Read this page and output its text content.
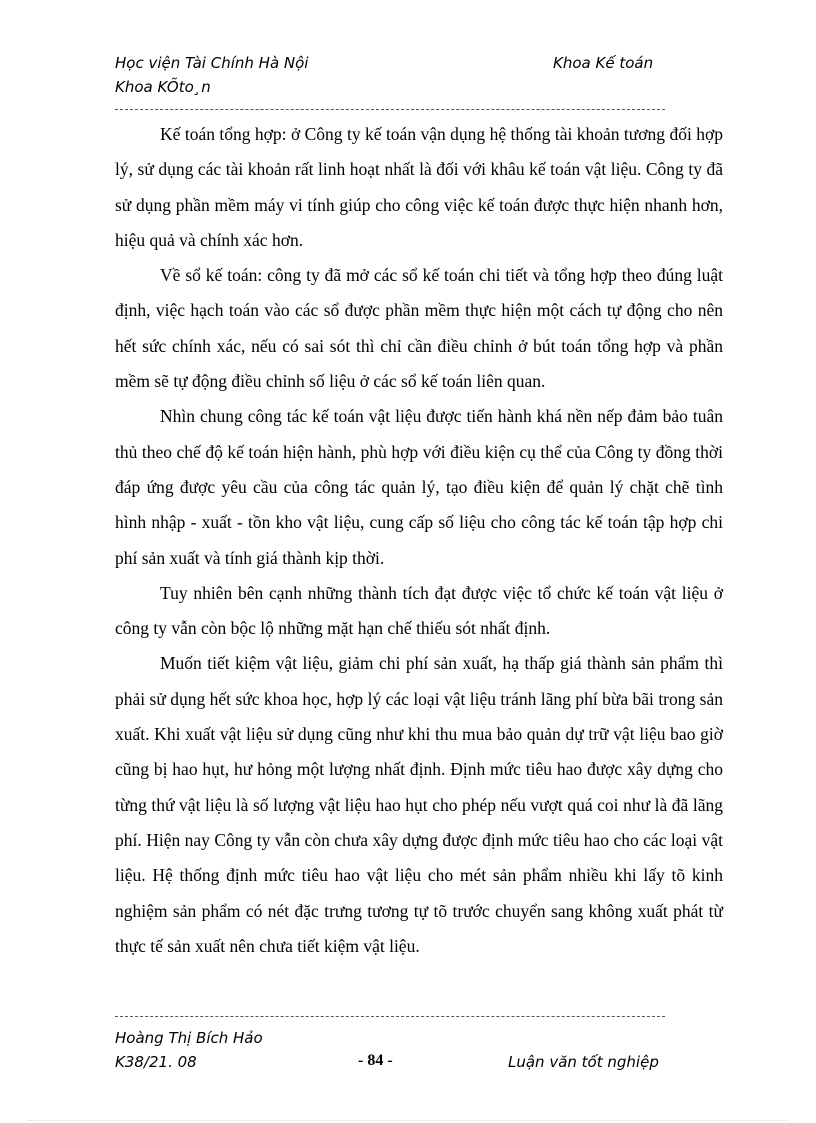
Học viện Tài Chính Hà Nội	Khoa Kế toán
Khoa KÕto¸n

Kế toán tổng hợp: ở Công ty kế toán vận dụng hệ thống tài khoản tương đối hợp lý, sử dụng các tài khoản rất linh hoạt nhất là đối với khâu kế toán vật liệu. Công ty đã sử dụng phần mềm máy vi tính giúp cho công việc kế toán được thực hiện nhanh hơn, hiệu quả và chính xác hơn.

Về sổ kế toán: công ty đã mở các sổ kế toán chi tiết và tổng hợp theo đúng luật định, việc hạch toán vào các sổ được phần mềm thực hiện một cách tự động cho nên hết sức chính xác, nếu có sai sót thì chỉ cần điều chỉnh ở bút toán tổng hợp và phần mềm sẽ tự động điều chỉnh số liệu ở các sổ kế toán liên quan.

Nhìn chung công tác kế toán vật liệu được tiến hành khá nền nếp đảm bảo tuân thủ theo chế độ kế toán hiện hành, phù hợp với điều kiện cụ thể của Công ty đồng thời đáp ứng được yêu cầu của công tác quản lý, tạo điều kiện để quản lý chặt chẽ tình hình nhập - xuất - tồn kho vật liệu, cung cấp số liệu cho công tác kế toán tập hợp chi phí sản xuất và tính giá thành kịp thời.

Tuy nhiên bên cạnh những thành tích đạt được việc tổ chức kế toán vật liệu ở công ty vẫn còn bộc lộ những mặt hạn chế thiếu sót nhất định.

Muốn tiết kiệm vật liệu, giảm chi phí sản xuất, hạ thấp giá thành sản phẩm thì phải sử dụng hết sức khoa học, hợp lý các loại vật liệu tránh lãng phí bừa bãi trong sản xuất. Khi xuất vật liệu sử dụng cũng như khi thu mua bảo quản dự trữ vật liệu bao giờ cũng bị hao hụt, hư hỏng một lượng nhất định. Định mức tiêu hao được xây dựng cho từng thứ vật liệu là số lượng vật liệu hao hụt cho phép nếu vượt quá coi như là đã lãng phí. Hiện nay Công ty vẫn còn chưa xây dựng được định mức tiêu hao cho các loại vật liệu. Hệ thống định mức tiêu hao vật liệu cho mét sản phẩm nhiều khi lấy tõ kinh nghiệm sản phẩm có nét đặc trưng tương tự tõ trước chuyển sang không xuất phát từ thực tế sản xuất nên chưa tiết kiệm vật liệu.

Hoàng Thị Bích Hảo
K38/21. 08	- 84 -	Luận văn tốt nghiệp
